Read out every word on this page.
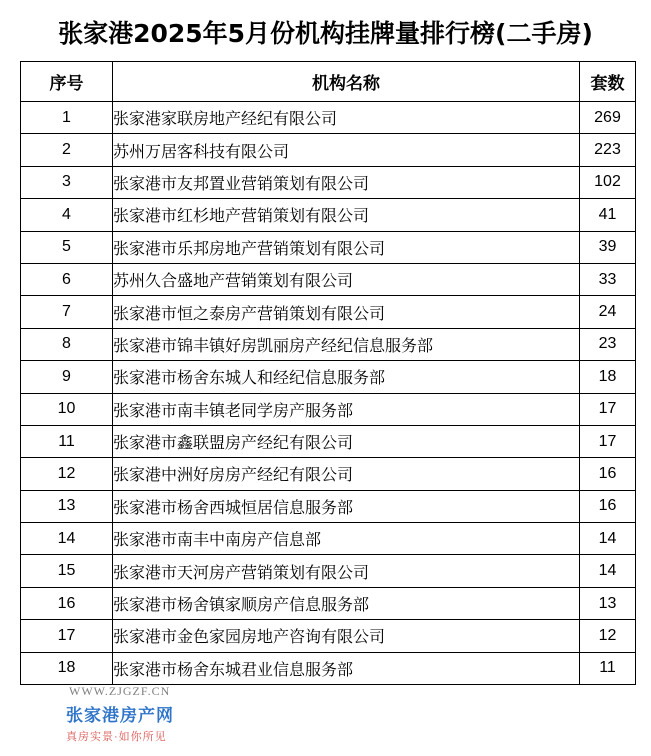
张家港2025年5月份机构挂牌量排行榜(二手房)
序号	机构名称	套数
1	张家港家联房地产经纪有限公司	269
2	苏州万居客科技有限公司	223
3	张家港市友邦置业营销策划有限公司	102
4	张家港市红杉地产营销策划有限公司	41
5	张家港市乐邦房地产营销策划有限公司	39
6	苏州久合盛地产营销策划有限公司	33
7	张家港市恒之泰房产营销策划有限公司	24
8	张家港市锦丰镇好房凯丽房产经纪信息服务部	23
9	张家港市杨舍东城人和经纪信息服务部	18
10	张家港市南丰镇老同学房产服务部	17
11	张家港市鑫联盟房产经纪有限公司	17
12	张家港中洲好房房产经纪有限公司	16
13	张家港市杨舍西城恒居信息服务部	16
14	张家港市南丰中南房产信息部	14
15	张家港市天河房产营销策划有限公司	14
16	张家港市杨舍镇家顺房产信息服务部	13
17	张家港市金色家园房地产咨询有限公司	12
18	张家港市杨舍东城君业信息服务部	11
WWW.ZJGZF.CN
张家港房产网
真房实景·如你所见
